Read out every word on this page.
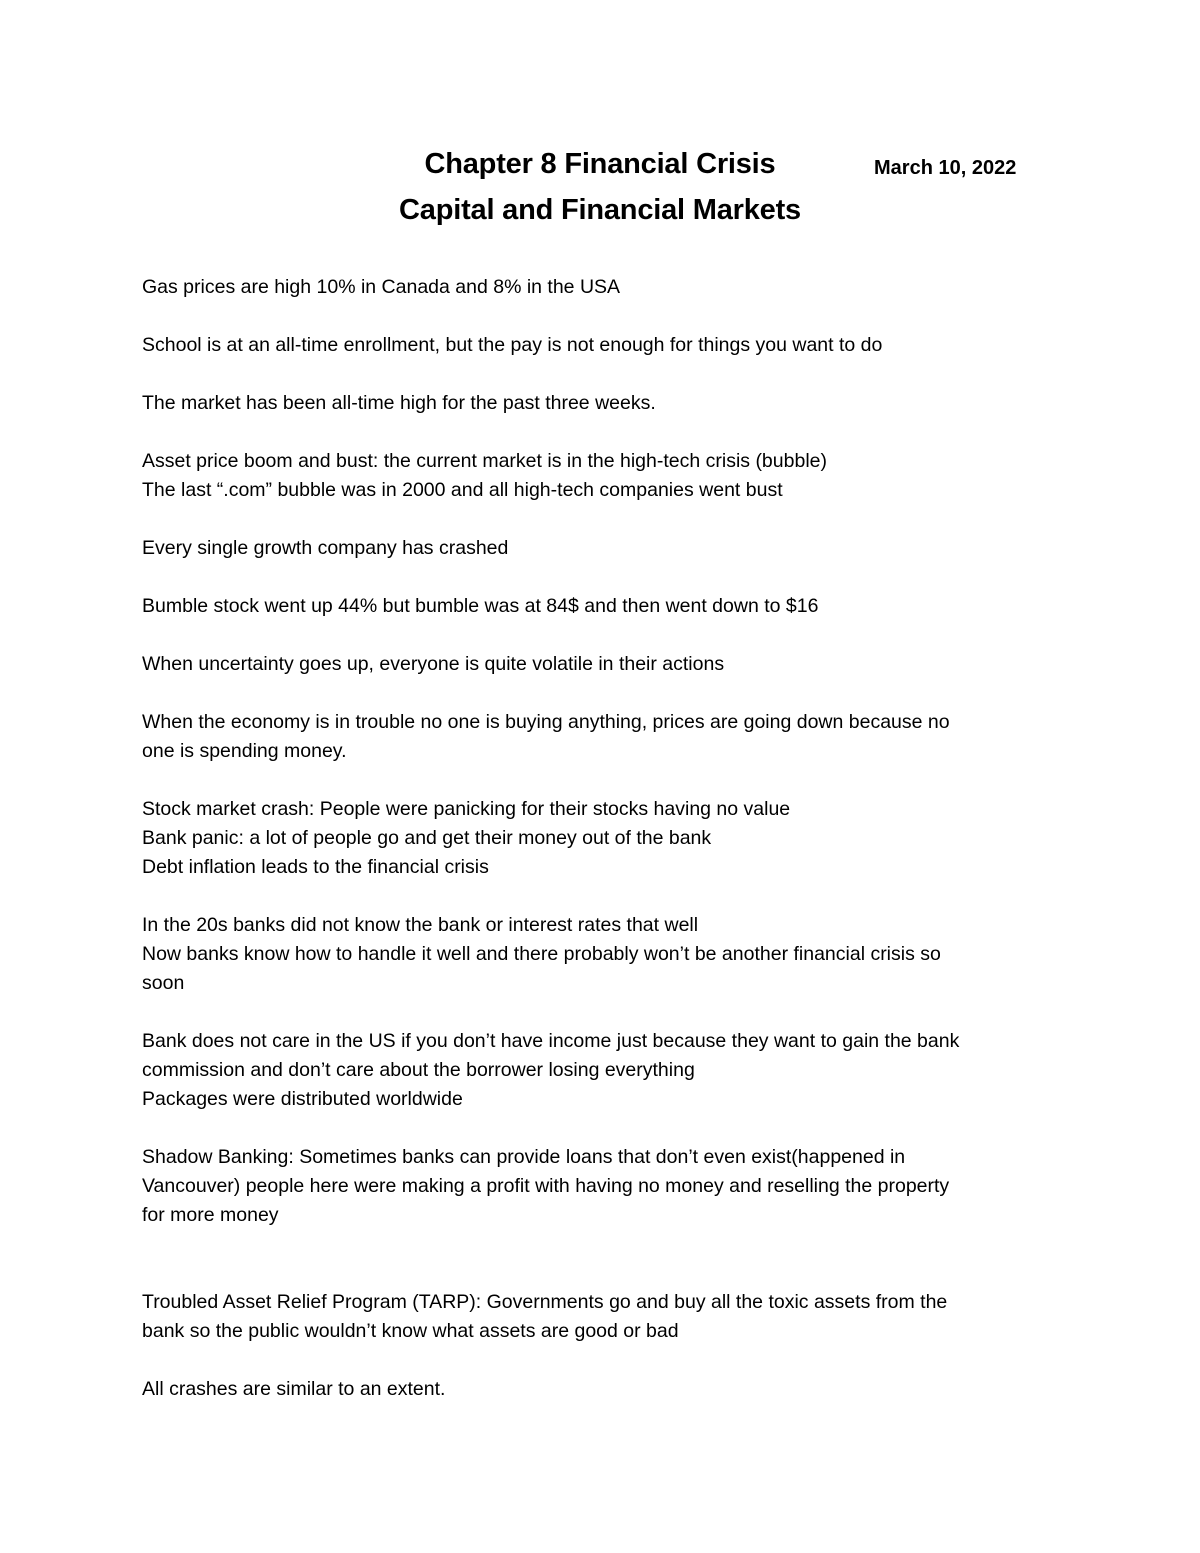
Chapter 8 Financial Crisis	March 10, 2022
Capital and Financial Markets

Gas prices are high 10% in Canada and 8% in the USA

School is at an all-time enrollment, but the pay is not enough for things you want to do

The market has been all-time high for the past three weeks.

Asset price boom and bust: the current market is in the high-tech crisis (bubble)
The last “.com” bubble was in 2000 and all high-tech companies went bust

Every single growth company has crashed

Bumble stock went up 44% but bumble was at 84$ and then went down to $16

When uncertainty goes up, everyone is quite volatile in their actions

When the economy is in trouble no one is buying anything, prices are going down because no
one is spending money.

Stock market crash: People were panicking for their stocks having no value
Bank panic: a lot of people go and get their money out of the bank
Debt inflation leads to the financial crisis

In the 20s banks did not know the bank or interest rates that well
Now banks know how to handle it well and there probably won’t be another financial crisis so
soon

Bank does not care in the US if you don’t have income just because they want to gain the bank
commission and don’t care about the borrower losing everything
Packages were distributed worldwide

Shadow Banking: Sometimes banks can provide loans that don’t even exist(happened in
Vancouver) people here were making a profit with having no money and reselling the property
for more money

Troubled Asset Relief Program (TARP): Governments go and buy all the toxic assets from the
bank so the public wouldn’t know what assets are good or bad

All crashes are similar to an extent.
